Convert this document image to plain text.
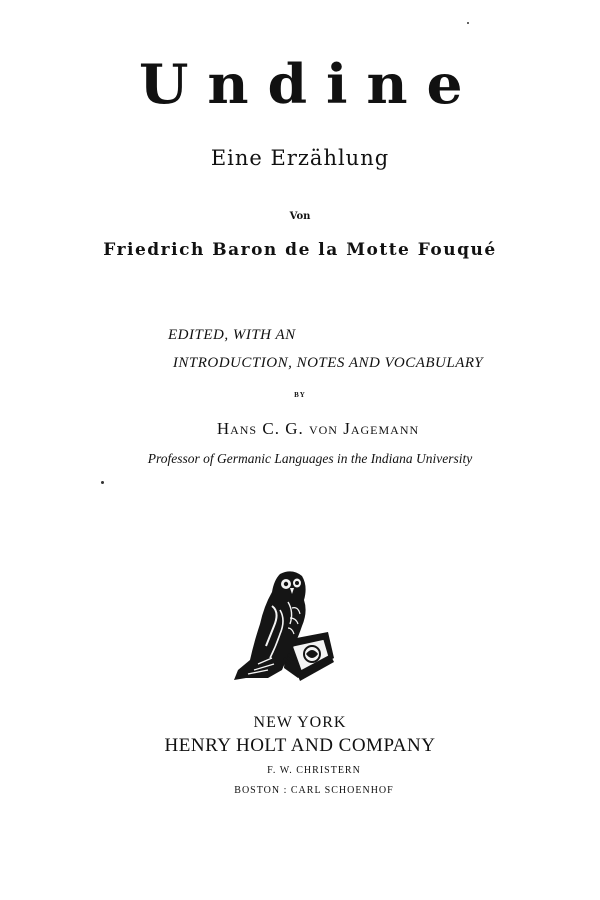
Undine
Eine Erzählung
Von
Friedrich Baron de la Motte Fouqué
EDITED, WITH AN
INTRODUCTION, NOTES AND VOCABULARY
BY
Hans C. G. von Jagemann
Professor of Germanic Languages in the Indiana University
NEW YORK
HENRY HOLT AND COMPANY
F. W. CHRISTERN
BOSTON : CARL SCHOENHOF
